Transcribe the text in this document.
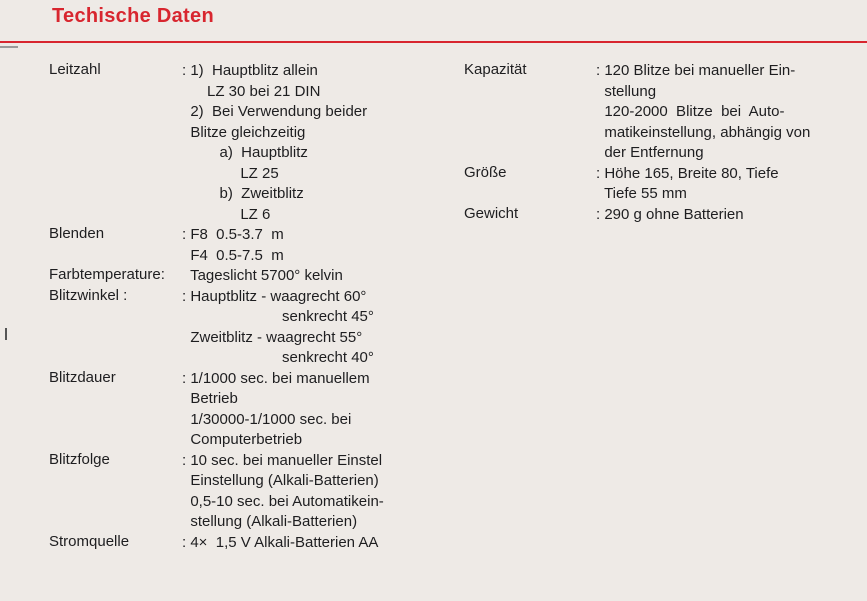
Techische Daten
Leitzahl	: 1)  Hauptblitz allein
LZ 30 bei 21 DIN
2)  Bei Verwendung beider
Blitze gleichzeitig
a)  Hauptblitz
LZ 25
b)  Zweitblitz
LZ 6
Blenden	: F8  0.5-3.7  m
F4  0.5-7.5  m
Farbtemperature: Tageslicht 5700° kelvin
Blitzwinkel :	: Hauptblitz - waagrecht 60°
senkrecht 45°
Zweitblitz - waagrecht 55°
senkrecht 40°
Blitzdauer	: 1/1000 sec. bei manuellem
Betrieb
1/30000-1/1000 sec. bei
Computerbetrieb
Blitzfolge	: 10 sec. bei manueller Einstel
Einstellung (Alkali-Batterien)
0,5-10 sec. bei Automatikein-
stellung (Alkali-Batterien)
Stromquelle	: 4×  1,5 V Alkali-Batterien AA
Kapazität	: 120 Blitze bei manueller Ein-
stellung
120-2000  Blitze  bei  Auto-
matikeinstellung, abhängig von
der Entfernung
Größe	: Höhe 165, Breite 80, Tiefe
Tiefe 55 mm
Gewicht	: 290 g ohne Batterien
